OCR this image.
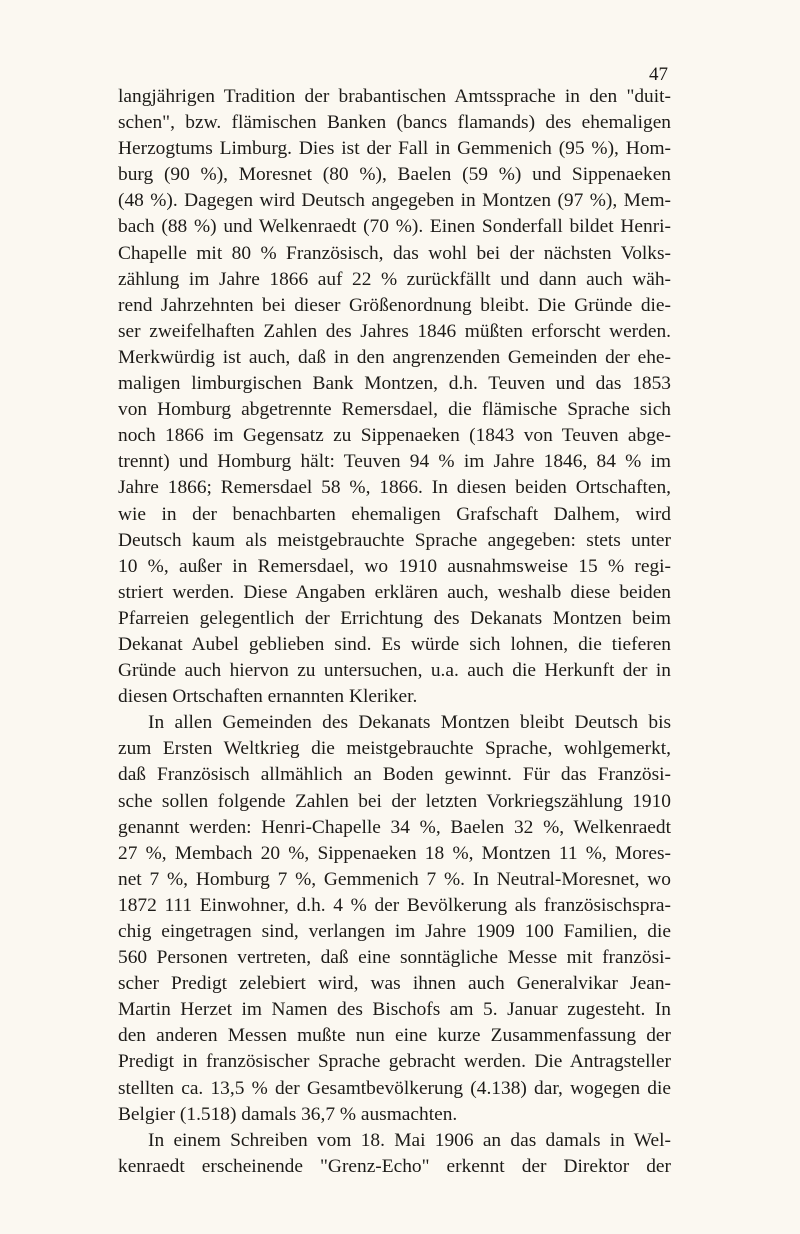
47
langjährigen Tradition der brabantischen Amtssprache in den "duit-
schen", bzw. flämischen Banken (bancs flamands) des ehemaligen
Herzogtums Limburg. Dies ist der Fall in Gemmenich (95 %), Hom-
burg (90 %), Moresnet (80 %), Baelen (59 %) und Sippenaeken
(48 %). Dagegen wird Deutsch angegeben in Montzen (97 %), Mem-
bach (88 %) und Welkenraedt (70 %). Einen Sonderfall bildet Henri-
Chapelle mit 80 % Französisch, das wohl bei der nächsten Volks-
zählung im Jahre 1866 auf 22 % zurückfällt und dann auch wäh-
rend Jahrzehnten bei dieser Größenordnung bleibt. Die Gründe die-
ser zweifelhaften Zahlen des Jahres 1846 müßten erforscht werden.
Merkwürdig ist auch, daß in den angrenzenden Gemeinden der ehe-
maligen limburgischen Bank Montzen, d.h. Teuven und das 1853
von Homburg abgetrennte Remersdael, die flämische Sprache sich
noch 1866 im Gegensatz zu Sippenaeken (1843 von Teuven abge-
trennt) und Homburg hält: Teuven 94 % im Jahre 1846, 84 % im
Jahre 1866; Remersdael 58 %, 1866. In diesen beiden Ortschaften,
wie in der benachbarten ehemaligen Grafschaft Dalhem, wird
Deutsch kaum als meistgebrauchte Sprache angegeben: stets unter
10 %, außer in Remersdael, wo 1910 ausnahmsweise 15 % regi-
striert werden. Diese Angaben erklären auch, weshalb diese beiden
Pfarreien gelegentlich der Errichtung des Dekanats Montzen beim
Dekanat Aubel geblieben sind. Es würde sich lohnen, die tieferen
Gründe auch hiervon zu untersuchen, u.a. auch die Herkunft der in
diesen Ortschaften ernannten Kleriker.
In allen Gemeinden des Dekanats Montzen bleibt Deutsch bis
zum Ersten Weltkrieg die meistgebrauchte Sprache, wohlgemerkt,
daß Französisch allmählich an Boden gewinnt. Für das Französi-
sche sollen folgende Zahlen bei der letzten Vorkriegszählung 1910
genannt werden: Henri-Chapelle 34 %, Baelen 32 %, Welkenraedt
27 %, Membach 20 %, Sippenaeken 18 %, Montzen 11 %, Mores-
net 7 %, Homburg 7 %, Gemmenich 7 %. In Neutral-Moresnet, wo
1872 111 Einwohner, d.h. 4 % der Bevölkerung als französischspra-
chig eingetragen sind, verlangen im Jahre 1909 100 Familien, die
560 Personen vertreten, daß eine sonntägliche Messe mit französi-
scher Predigt zelebiert wird, was ihnen auch Generalvikar Jean-
Martin Herzet im Namen des Bischofs am 5. Januar zugesteht. In
den anderen Messen mußte nun eine kurze Zusammenfassung der
Predigt in französischer Sprache gebracht werden. Die Antragsteller
stellten ca. 13,5 % der Gesamtbevölkerung (4.138) dar, wogegen die
Belgier (1.518) damals 36,7 % ausmachten.
In einem Schreiben vom 18. Mai 1906 an das damals in Wel-
kenraedt erscheinende "Grenz-Echo" erkennt der Direktor der
